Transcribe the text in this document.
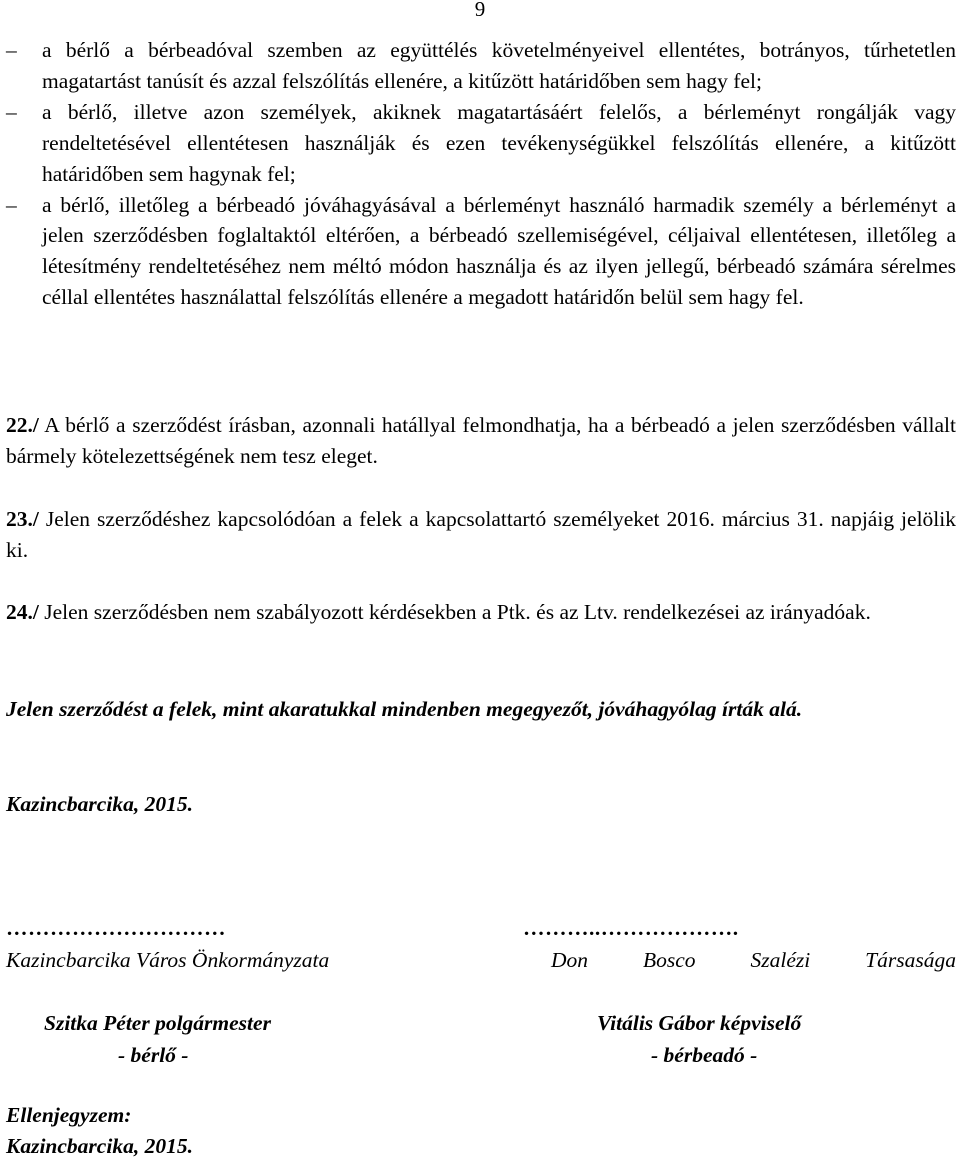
9
– a bérlő a bérbeadóval szemben az együttélés követelményeivel ellentétes, botrányos, tűrhetetlen magatartást tanúsít és azzal felszólítás ellenére, a kitűzött határidőben sem hagy fel;
– a bérlő, illetve azon személyek, akiknek magatartásáért felelős, a bérleményt rongálják vagy rendeltetésével ellentétesen használják és ezen tevékenységükkel felszólítás ellenére, a kitűzött határidőben sem hagynak fel;
– a bérlő, illetőleg a bérbeadó jóváhagyásával a bérleményt használó harmadik személy a bérleményt a jelen szerződésben foglaltaktól eltérően, a bérbeadó szellemiségével, céljaival ellentétesen, illetőleg a létesítmény rendeltetéséhez nem méltó módon használja és az ilyen jellegű, bérbeadó számára sérelmes céllal ellentétes használattal felszólítás ellenére a megadott határidőn belül sem hagy fel.
22./ A bérlő a szerződést írásban, azonnali hatállyal felmondhatja, ha a bérbeadó a jelen szerződésben vállalt bármely kötelezettségének nem tesz eleget.
23./ Jelen szerződéshez kapcsolódóan a felek a kapcsolattartó személyeket 2016. március 31. napjáig jelölik ki.
24./ Jelen szerződésben nem szabályozott kérdésekben a Ptk. és az Ltv. rendelkezései az irányadóak.
Jelen szerződést a felek, mint akaratukkal mindenben megegyezőt, jóváhagyólag írták alá.
Kazincbarcika, 2015.
…………………………	………..……………….
Kazincbarcika Város Önkormányzata	Don Bosco Szalézi Társasága
Szitka Péter polgármester	Vitális Gábor képviselő
- bérlő -	- bérbeadó -
Ellenjegyzem:
Kazincbarcika, 2015.
